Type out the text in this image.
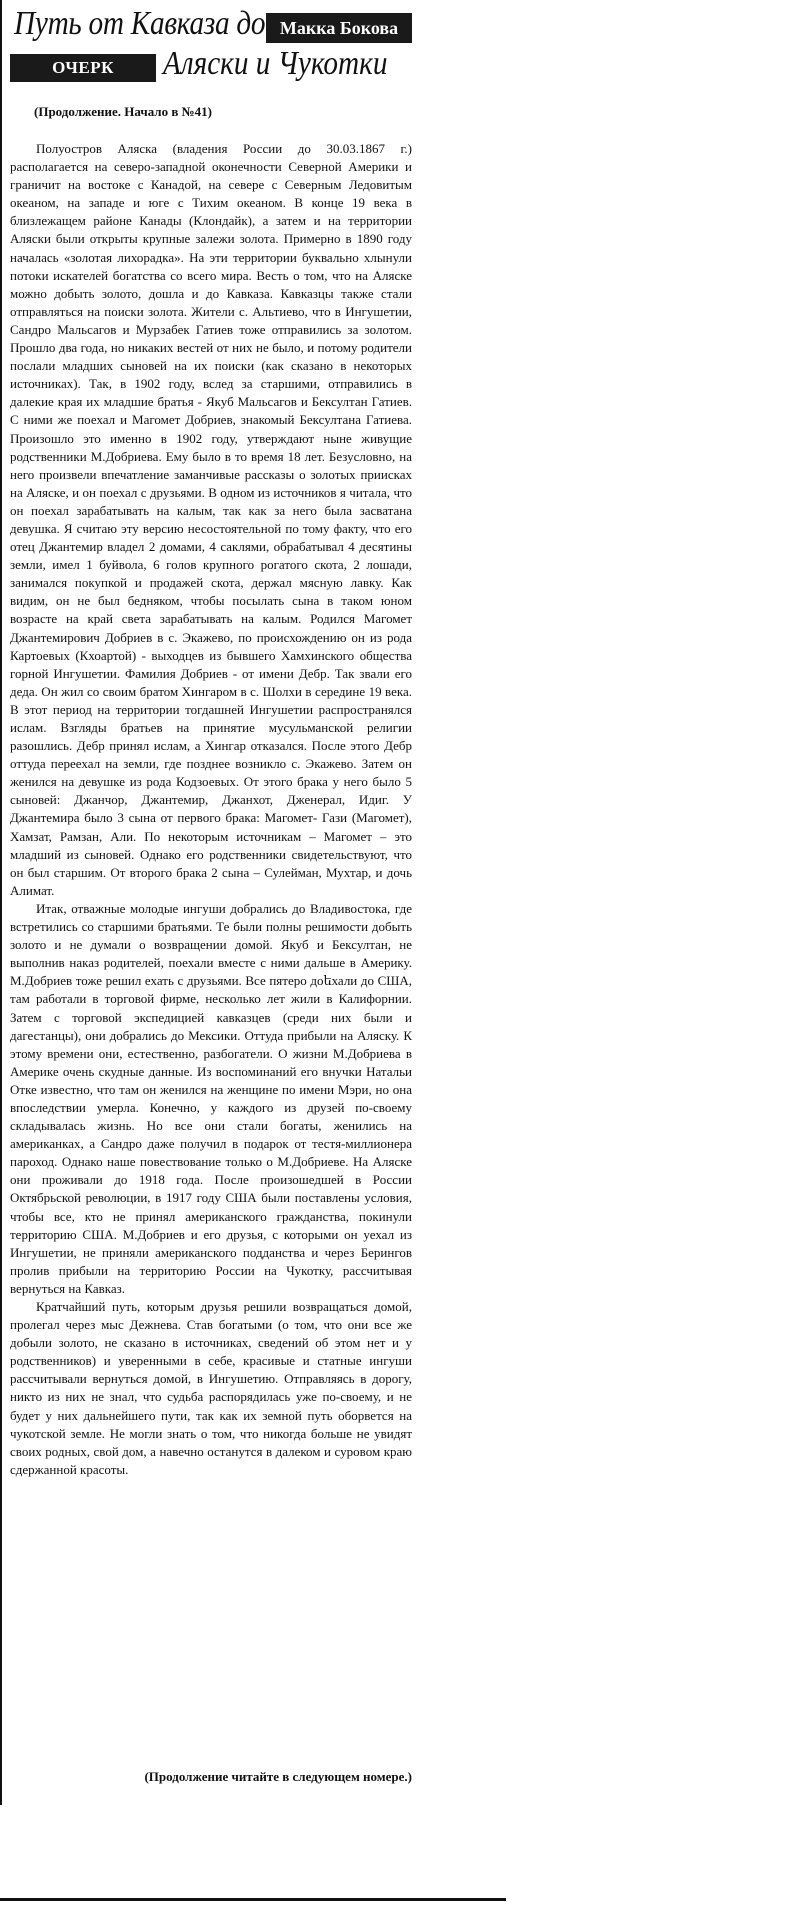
Путь от Кавказа до Макка Бокова
ОЧЕРК	Аляски и Чукотки
(Продолжение. Начало в №41)

Полуостров Аляска (владения России до 30.03.1867 г.) располагается на северо-западной оконечности Северной Америки и граничит на востоке с Канадой, на севере с Северным Ледовитым океаном, на западе и юге с Тихим океаном. В конце 19 века в близлежащем районе Канады (Клондайк), а затем и на территории Аляски были открыты крупные залежи золота. Примерно в 1890 году началась «золотая лихорадка». На эти территории буквально хлынули потоки искателей богатства со всего мира. Весть о том, что на Аляске можно добыть золото, дошла и до Кавказа. Кавказцы также стали отправляться на поиски золота. Жители с. Альтиево, что в Ингушетии, Сандро Мальсагов и Мурзабек Гатиев тоже отправились за золотом. Прошло два года, но никаких вестей от них не было, и потому родители послали младших сыновей на их поиски (как сказано в некоторых источниках). Так, в 1902 году, вслед за старшими, отправились в далекие края их младшие братья - Якуб Мальсагов и Бексултан Гатиев. С ними же поехал и Магомет Добриев, знакомый Бексултана Гатиева. Произошло это именно в 1902 году, утверждают ныне живущие родственники М.Добриева. Ему было в то время 18 лет. Безусловно, на него произвели впечатление заманчивые рассказы о золотых приисках на Аляске, и он поехал с друзьями. В одном из источников я читала, что он поехал зарабатывать на калым, так как за него была засватана девушка. Я считаю эту версию несостоятельной по тому факту, что его отец Джантемир владел 2 домами, 4 саклями, обрабатывал 4 десятины земли, имел 1 буйвола, 6 голов крупного рогатого скота, 2 лошади, занимался покупкой и продажей скота, держал мясную лавку. Как видим, он не был бедняком, чтобы посылать сына в таком юном возрасте на край света зарабатывать на калым. Родился Магомет Джантемирович Добриев в с. Экажево, по происхождению он из рода Картоевых (Кхоартой) - выходцев из бывшего Хамхинского общества горной Ингушетии. Фамилия Добриев - от имени Дебр. Так звали его деда. Он жил со своим братом Хингаром в с. Шолхи в середине 19 века. В этот период на территории тогдашней Ингушетии распространялся ислам. Взгляды братьев на принятие мусульманской религии разошлись. Дебр принял ислам, а Хингар отказался. После этого Дебр оттуда переехал на земли, где позднее возникло с. Экажево. Затем он женился на девушке из рода Кодзоевых. От этого брака у него было 5 сыновей: Джанчор, Джантемир, Джанхот, Дженерал, Идиг. У Джантемира было 3 сына от первого брака: Магомет- Гази (Магомет), Хамзат, Рамзан, Али. По некоторым источникам – Магомет – это младший из сыновей. Однако его родственники свидетельствуют, что он был старшим. От второго брака 2 сына – Сулейман, Мухтар, и дочь Алимат.

Итак, отважные молодые ингуши добрались до Владивостока, где встретились со старшими братьями. Те были полны решимости добыть золото и не думали о возвращении домой. Якуб и Бексултан, не выполнив наказ родителей, поехали вместе с ними дальше в Америку. М.Добриев тоже решил ехать с друзьями. Все пятеро доեхали до США, там работали в торговой фирме, несколько лет жили в Калифорнии. Затем с торговой экспедицией кавказцев (среди них были и дагестанцы), они добрались до Мексики. Оттуда прибыли на Аляску. К этому времени они, естественно, разбогатели. О жизни М.Добриева в Америке очень скудные данные. Из воспоминаний его внучки Натальи Отке известно, что там он женился на женщине по имени Мэри, но она впоследствии умерла. Конечно, у каждого из друзей по-своему складывалась жизнь. Но все они стали богаты, женились на американках, а Сандро даже получил в подарок от тестя-миллионера пароход. Однако наше повествование только о М.Добриеве. На Аляске они проживали до 1918 года. После произошедшей в России Октябрьской революции, в 1917 году США были поставлены условия, чтобы все, кто не принял американского гражданства, покинули территорию США. М.Добриев и его друзья, с которыми он уехал из Ингушетии, не приняли американского подданства и через Берингов пролив прибыли на территорию России на Чукотку, рассчитывая вернуться на Кавказ.

Кратчайший путь, которым друзья решили возвращаться домой, пролегал через мыс Дежнева. Став богатыми (о том, что они все же добыли золото, не сказано в источниках, сведений об этом нет и у родственников) и уверенными в себе, красивые и статные ингуши рассчитывали вернуться домой, в Ингушетию. Отправляясь в дорогу, никто из них не знал, что судьба распорядилась уже по-своему, и не будет у них дальнейшего пути, так как их земной путь оборвется на чукотской земле. Не могли знать о том, что никогда больше не увидят своих родных, свой дом, а навечно останутся в далеком и суровом краю сдержанной красоты.

(Продолжение читайте в следующем номере.)
